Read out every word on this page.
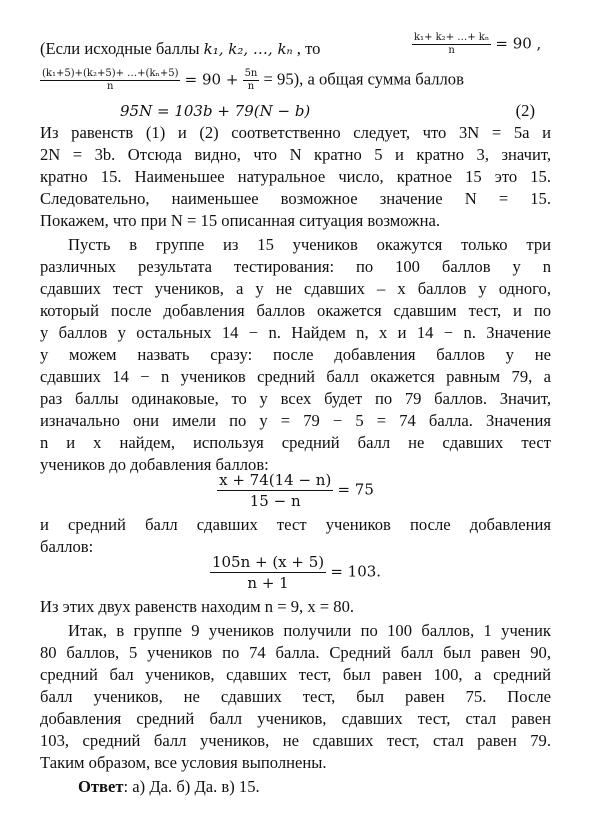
(Если исходные баллы k₁, k₂, …, kₙ , то	$\frac{\text{k₁+ k₂+ …+ kₙ}}{n} = 90$ ,
$\frac{\text{(k₁+5)+(k₂+5)+ …+(kₙ+5)}}{n} = 90 + \frac{5n}{n} = 95$), а общая сумма баллов
95N = 103b + 79(N − b)	(2)
Из равенств (1) и (2) соответственно следует, что 3N = 5a и
2N = 3b. Отсюда видно, что N кратно 5 и кратно 3, значит,
кратно 15. Наименьшее натуральное число, кратное 15 это 15.
Следовательно, наименьшее возможное значение N = 15.
Покажем, что при N = 15 описанная ситуация возможна.
Пусть в группе из 15 учеников окажутся только три
различных результата тестирования: по 100 баллов у n
сдавших тест учеников, а у не сдавших – x баллов у одного,
который после добавления баллов окажется сдавшим тест, и по
y баллов у остальных 14 − n. Найдем n, x и 14 − n. Значение
y можем назвать сразу: после добавления баллов у не
сдавших 14 − n учеников средний балл окажется равным 79, а
раз баллы одинаковые, то у всех будет по 79 баллов. Значит,
изначально они имели по y = 79 − 5 = 74 балла. Значения
n и x найдем, используя средний балл не сдавших тест
учеников до добавления баллов:
$\frac{x + 74(14 - n)}{15 - n} = 75$
и средний балл сдавших тест учеников после добавления
баллов:
$\frac{105n + (x + 5)}{n + 1} = 103$.
Из этих двух равенств находим n = 9, x = 80.
Итак, в группе 9 учеников получили по 100 баллов, 1 ученик
80 баллов, 5 учеников по 74 балла. Средний балл был равен 90,
средний бал учеников, сдавших тест, был равен 100, а средний
балл учеников, не сдавших тест, был равен 75. После
добавления средний балл учеников, сдавших тест, стал равен
103, средний балл учеников, не сдавших тест, стал равен 79.
Таким образом, все условия выполнены.
Ответ: а) Да. б) Да. в) 15.
